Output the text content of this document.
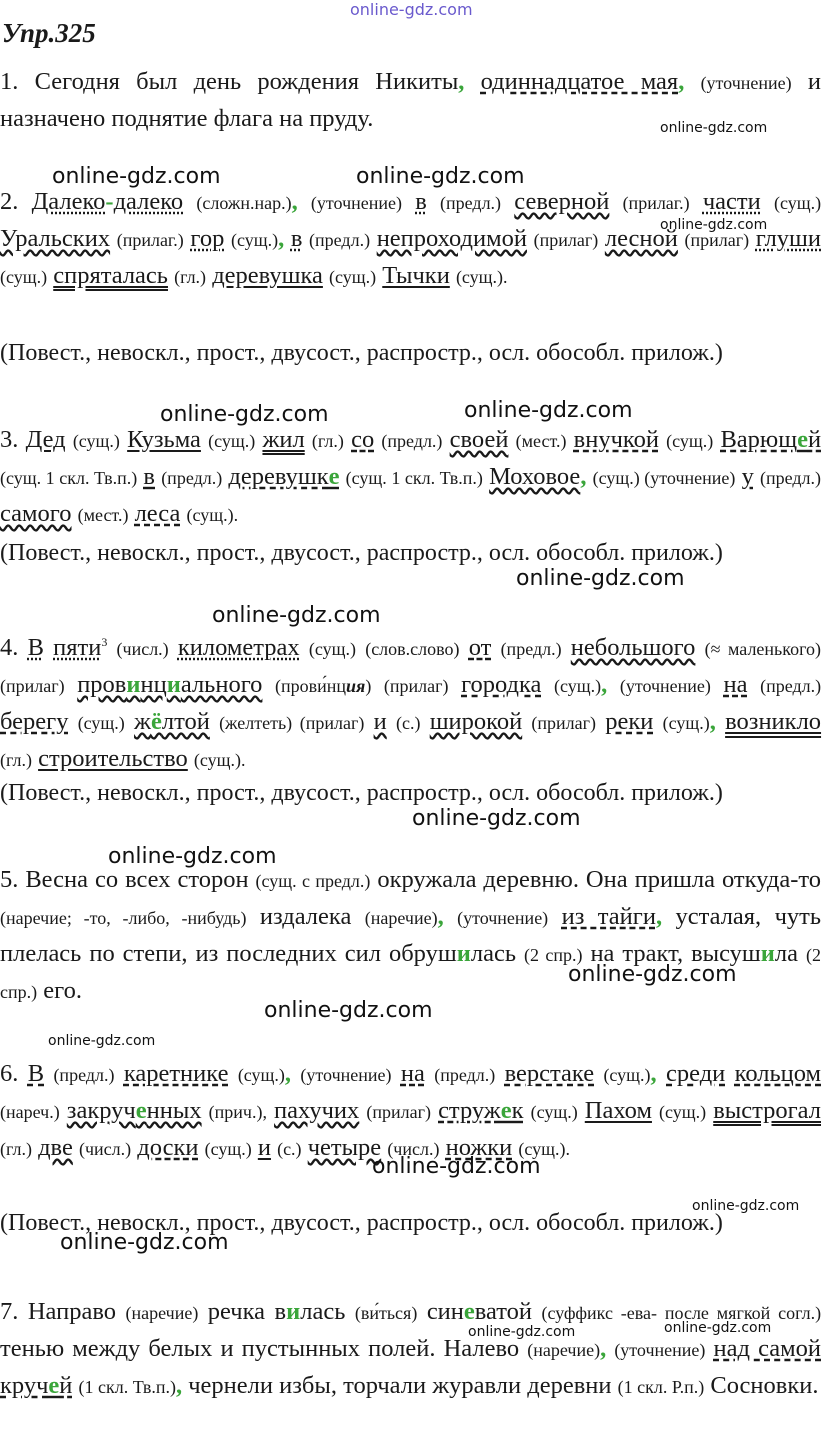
online-gdz.com
Упр.325

1. Сегодня был день рождения Никиты, одиннадцатое мая, (уточнение) и назначено поднятие флага на пруду.	online-gdz.com
online-gdz.com	online-gdz.com

2. Далеко-далеко (сложн.нар.), (уточнение) в (предл.) северной (прилаг.) части (сущ.) Уральских (прилаг.) гор (сущ.), в (предл.) непроходимой (прилаг) лесной (прилаг) глуши (сущ.) спряталась (гл.) деревушка (сущ.) Тычки (сущ.).

online-gdz.com
(Повест., невоскл., прост., двусост., распростр., осл. обособл. прилож.)
online-gdz.com	online-gdz.com

3. Дед (сущ.) Кузьма (сущ.) жил (гл.) со (предл.) своей (мест.) внучкой (сущ.) Варющей (сущ. 1 скл. Тв.п.) в (предл.) деревушке (сущ. 1 скл. Тв.п.) Моховое, (сущ.) (уточнение) у (предл.) самого (мест.) леса (сущ.).

(Повест., невоскл., прост., двусост., распростр., осл. обособл. прилож.)
online-gdz.com
online-gdz.com

4. В пяти$^3$ (числ.) километрах (сущ.) (слов.слово) от (предл.) небольшого (≈ маленького) (прилаг) провинциального (прови́нция) (прилаг) городка (сущ.), (уточнение) на (предл.) берегу (сущ.) жёлтой (желтеть) (прилаг) и (с.) широкой (прилаг) реки (сущ.), возникло (гл.) строительство (сущ.).

(Повест., невоскл., прост., двусост., распростр., осл. обособл. прилож.)
online-gdz.com
online-gdz.com

5. Весна со всех сторон (сущ. с предл.) окружала деревню. Она пришла откуда-то (наречие; -то, -либо, -нибудь) издалека (наречие), (уточнение) из тайги, усталая, чуть плелась по степи, из последних сил обрушилась (2 спр.) на тракт, высушила (2 спр.) его.

online-gdz.com
online-gdz.com
online-gdz.com

6. В (предл.) каретнике (сущ.), (уточнение) на (предл.) верстаке (сущ.), среди кольцом (нареч.) закрученных (прич.), пахучих (прилаг) стружек (сущ.) Пахом (сущ.) выстрогал (гл.) две (числ.) доски (сущ.) и (с.) четыре (числ.) ножки (сущ.).

online-gdz.com
online-gdz.com
(Повест., невоскл., прост., двусост., распростр., осл. обособл. прилож.)
online-gdz.com

7. Направо (наречие) речка вилась (ви́ться) синеватой (суффикс -ева- после мягкой согл.) тенью между белых и пустынных полей. Налево (наречие), (уточнение) над самой кручей (1 скл. Тв.п.), чернели избы, торчали журавли деревни (1 скл. Р.п.) Сосновки.

online-gdz.com	online-gdz.com
